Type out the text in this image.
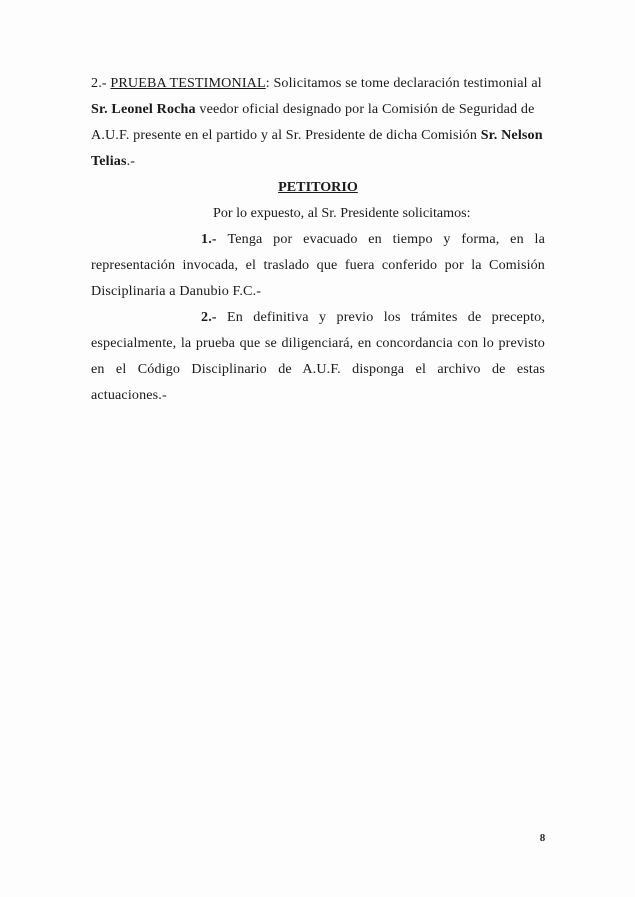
2.- PRUEBA TESTIMONIAL: Solicitamos se tome declaración testimonial al Sr. Leonel Rocha veedor oficial designado por la Comisión de Seguridad de A.U.F. presente en el partido y al Sr. Presidente de dicha Comisión Sr. Nelson Telias.-

PETITORIO

Por lo expuesto, al Sr. Presidente solicitamos:

1.- Tenga por evacuado en tiempo y forma, en la representación invocada, el traslado que fuera conferido por la Comisión Disciplinaria a Danubio F.C.-

2.- En definitiva y previo los trámites de precepto, especialmente, la prueba que se diligenciará, en concordancia con lo previsto en el Código Disciplinario de A.U.F. disponga el archivo de estas actuaciones.-

8
